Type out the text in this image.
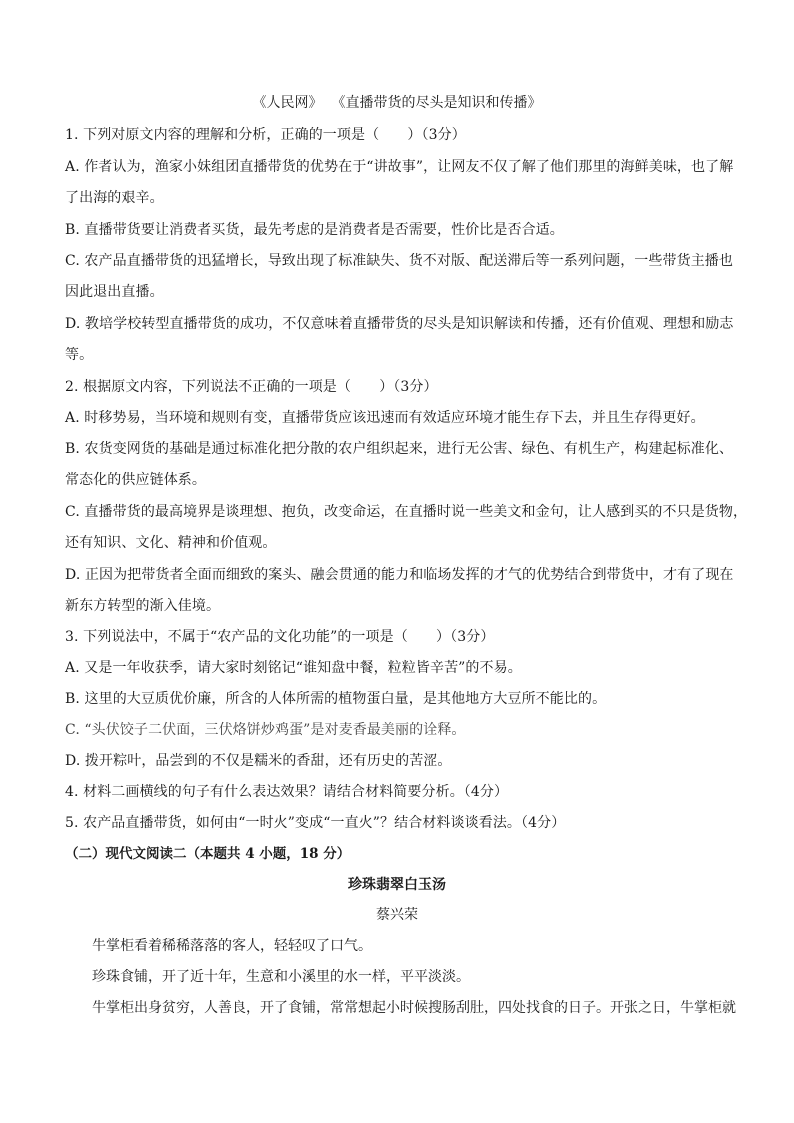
《人民网》 《直播带货的尽头是知识和传播》
1. 下列对原文内容的理解和分析，正确的一项是（　　）（3分）
A. 作者认为，渔家小妹组团直播带货的优势在于“讲故事”，让网友不仅了解了他们那里的海鲜美味，也了解
了出海的艰辛。
B. 直播带货要让消费者买货，最先考虑的是消费者是否需要，性价比是否合适。
C. 农产品直播带货的迅猛增长，导致出现了标准缺失、货不对版、配送滞后等一系列问题，一些带货主播也
因此退出直播。
D. 教培学校转型直播带货的成功，不仅意味着直播带货的尽头是知识解读和传播，还有价值观、理想和励志
等。
2. 根据原文内容，下列说法不正确的一项是（　　）（3分）
A. 时移势易，当环境和规则有变，直播带货应该迅速而有效适应环境才能生存下去，并且生存得更好。
B. 农货变网货的基础是通过标准化把分散的农户组织起来，进行无公害、绿色、有机生产，构建起标准化、
常态化的供应链体系。
C. 直播带货的最高境界是谈理想、抱负，改变命运，在直播时说一些美文和金句，让人感到买的不只是货物，
还有知识、文化、精神和价值观。
D. 正因为把带货者全面而细致的案头、融会贯通的能力和临场发挥的才气的优势结合到带货中，才有了现在
新东方转型的渐入佳境。
3. 下列说法中，不属于“农产品的文化功能”的一项是（　　）（3分）
A. 又是一年收获季，请大家时刻铭记“谁知盘中餐，粒粒皆辛苦”的不易。
B. 这里的大豆质优价廉，所含的人体所需的植物蛋白量，是其他地方大豆所不能比的。
C. “头伏饺子二伏面，三伏烙饼炒鸡蛋”是对麦香最美丽的诠释。
D. 拨开粽叶，品尝到的不仅是糯米的香甜，还有历史的苦涩。
4. 材料二画横线的句子有什么表达效果？请结合材料简要分析。（4分）
5. 农产品直播带货，如何由“一时火”变成“一直火”？结合材料谈谈看法。（4分）
（二）现代文阅读二（本题共 4 小题，18 分）
珍珠翡翠白玉汤
蔡兴荣
牛掌柜看着稀稀落落的客人，轻轻叹了口气。
珍珠食铺，开了近十年，生意和小溪里的水一样，平平淡淡。
牛掌柜出身贫穷，人善良，开了食铺，常常想起小时候搜肠刮肚，四处找食的日子。开张之日，牛掌柜就
